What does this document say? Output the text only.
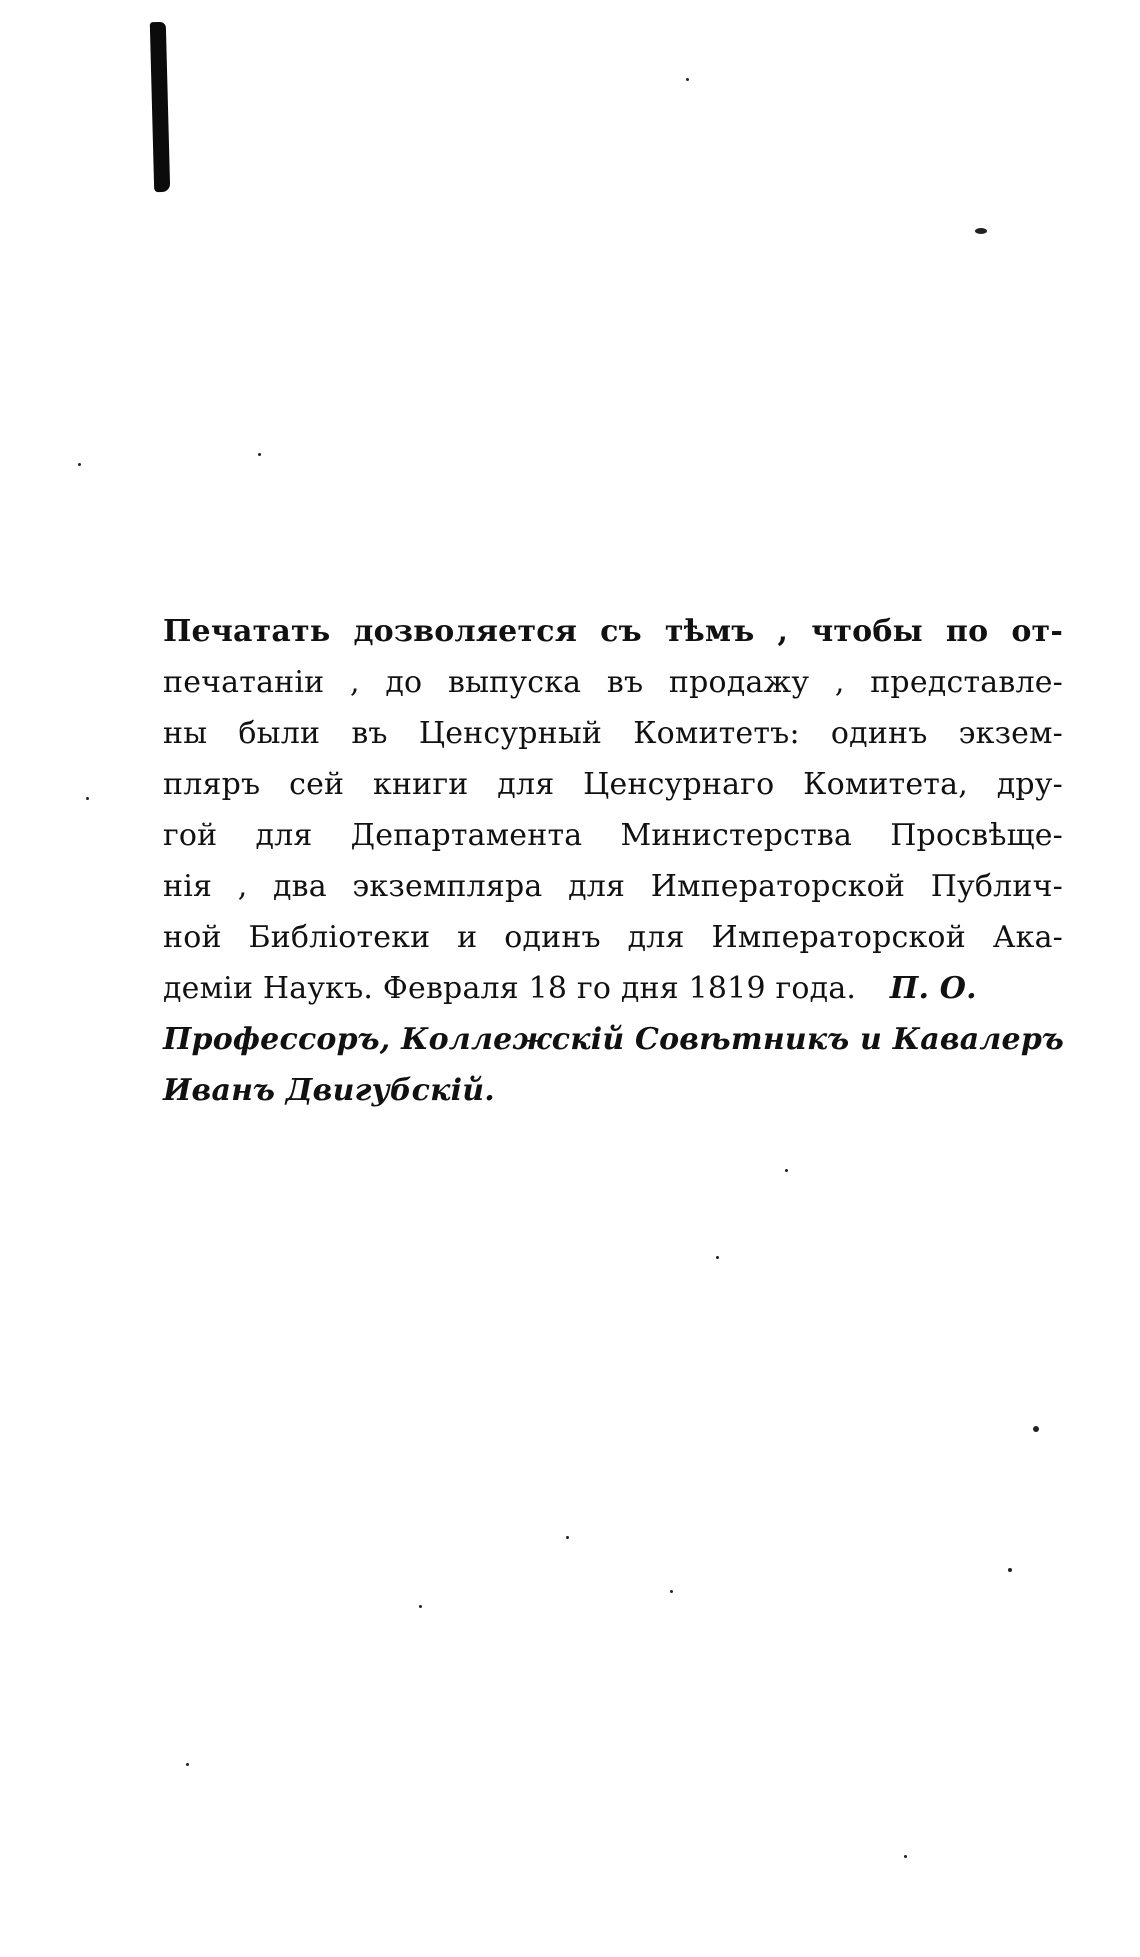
Печатать дозволяется съ тѣмъ , чтобы по от-
печатаніи , до выпуска въ продажу , представле-
ны были въ Ценсурный Комитетъ: одинъ экзем-
пляръ сей книги для Ценсурнаго Комитета, дру-
гой для Департамента Министерства Просвѣще-
нія , два экземпляра для Императорской Публич-
ной Библіотеки и одинъ для Императорской Ака-
деміи Наукъ. Февраля 18 го дня 1819 года. П. О.
Профессоръ, Коллежскій Совѣтникъ и Кавалеръ
Иванъ Двигубскій.
